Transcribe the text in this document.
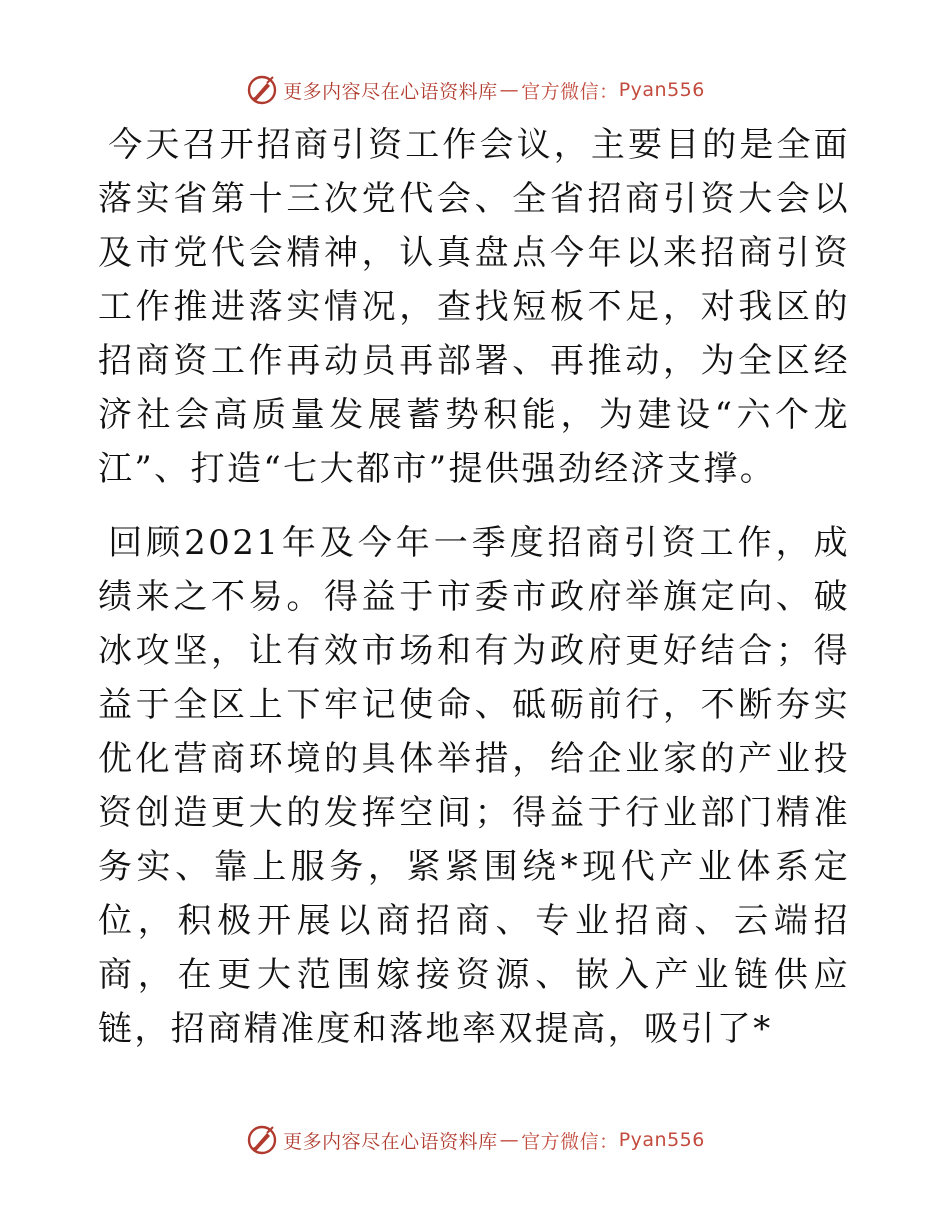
更多内容尽在心语资料库 — 官方微信： Pyan556

今天召开招商引资工作会议，主要目的是全面落实省第十三次党代会、全省招商引资大会以及市党代会精神，认真盘点今年以来招商引资工作推进落实情况，查找短板不足，对我区的招商资工作再动员再部署、再推动，为全区经济社会高质量发展蓄势积能，为建设“六个龙江”、打造“七大都市”提供强劲经济支撑。

回顾2021年及今年一季度招商引资工作，成绩来之不易。得益于市委市政府举旗定向、破冰攻坚，让有效市场和有为政府更好结合；得益于全区上下牢记使命、砥砺前行，不断夯实优化营商环境的具体举措，给企业家的产业投资创造更大的发挥空间；得益于行业部门精准务实、靠上服务，紧紧围绕*现代产业体系定位，积极开展以商招商、专业招商、云端招商，在更大范围嫁接资源、嵌入产业链供应链，招商精准度和落地率双提高，吸引了*

更多内容尽在心语资料库 — 官方微信： Pyan556
